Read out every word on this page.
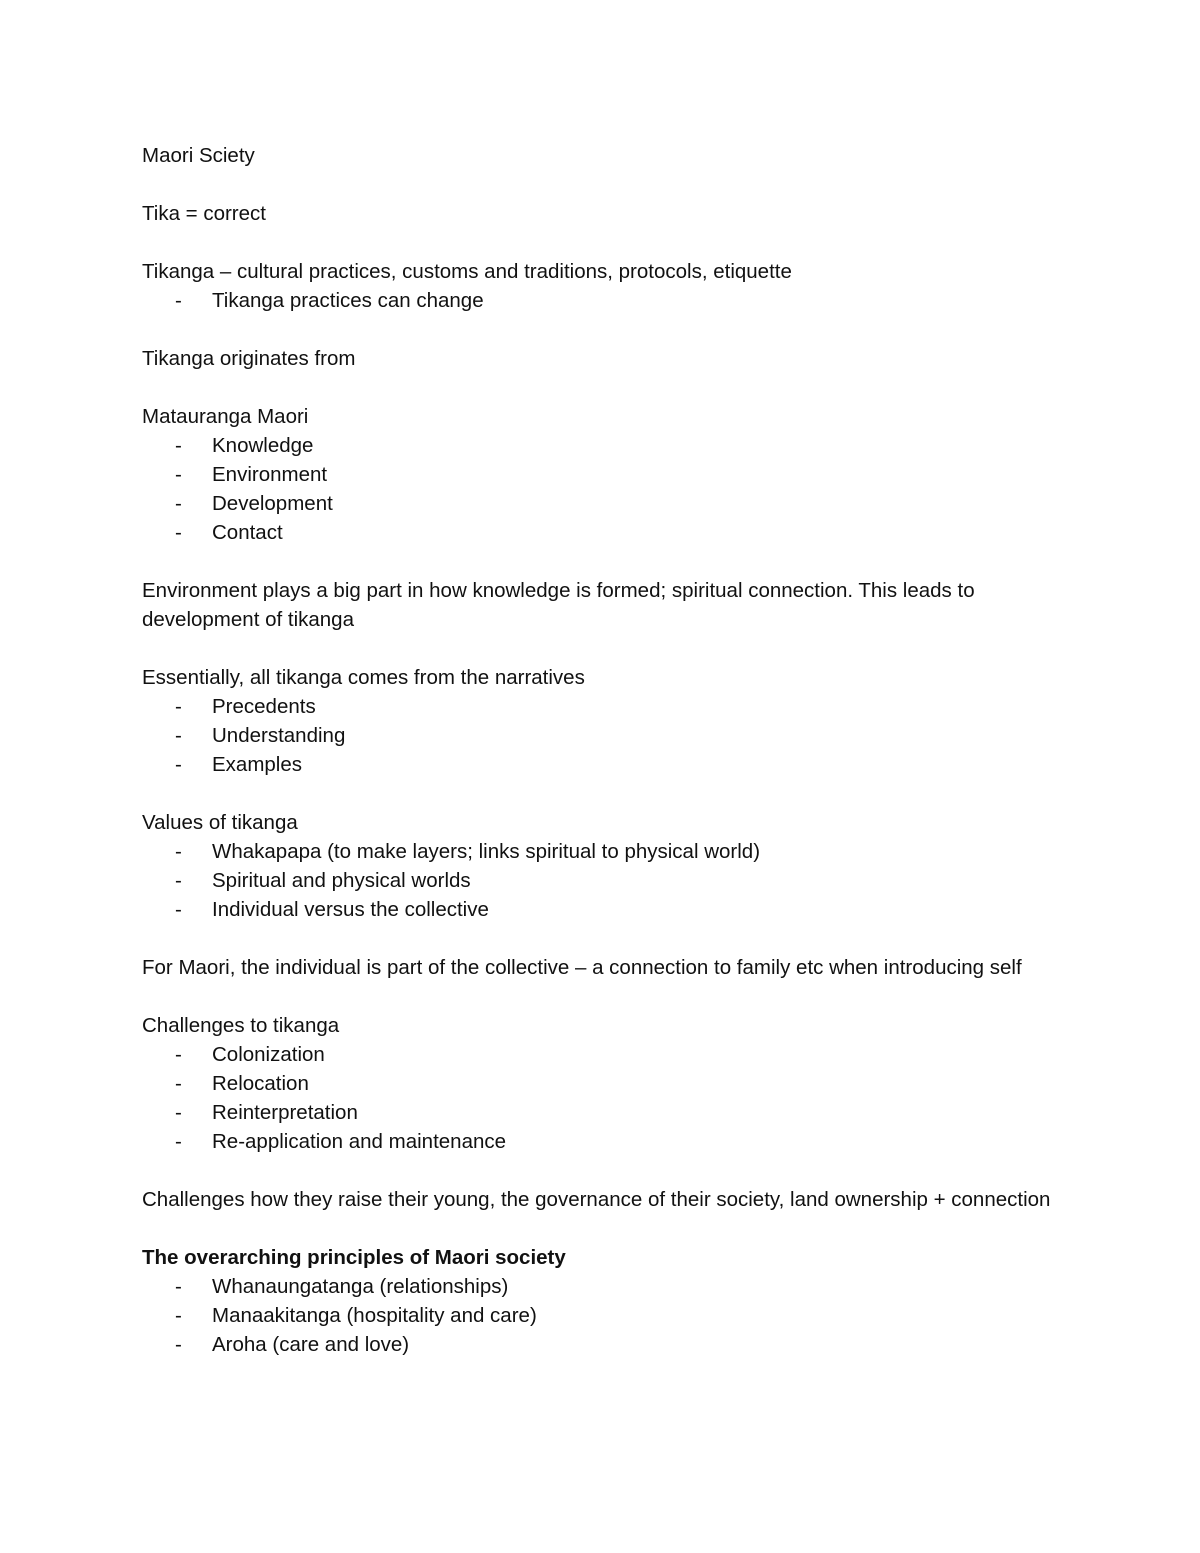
Maori Sciety

Tika = correct

Tikanga – cultural practices, customs and traditions, protocols, etiquette

- Tikanga practices can change

Tikanga originates from

Matauranga Maori

- Knowledge
- Environment
- Development
- Contact

Environment plays a big part in how knowledge is formed; spiritual connection. This leads to development of tikanga

Essentially, all tikanga comes from the narratives

- Precedents
- Understanding
- Examples

Values of tikanga

- Whakapapa (to make layers; links spiritual to physical world)
- Spiritual and physical worlds
- Individual versus the collective

For Maori, the individual is part of the collective – a connection to family etc when introducing self

Challenges to tikanga

- Colonization
- Relocation
- Reinterpretation
- Re-application and maintenance

Challenges how they raise their young, the governance of their society, land ownership + connection

The overarching principles of Maori society

- Whanaungatanga (relationships)
- Manaakitanga (hospitality and care)
- Aroha (care and love)
